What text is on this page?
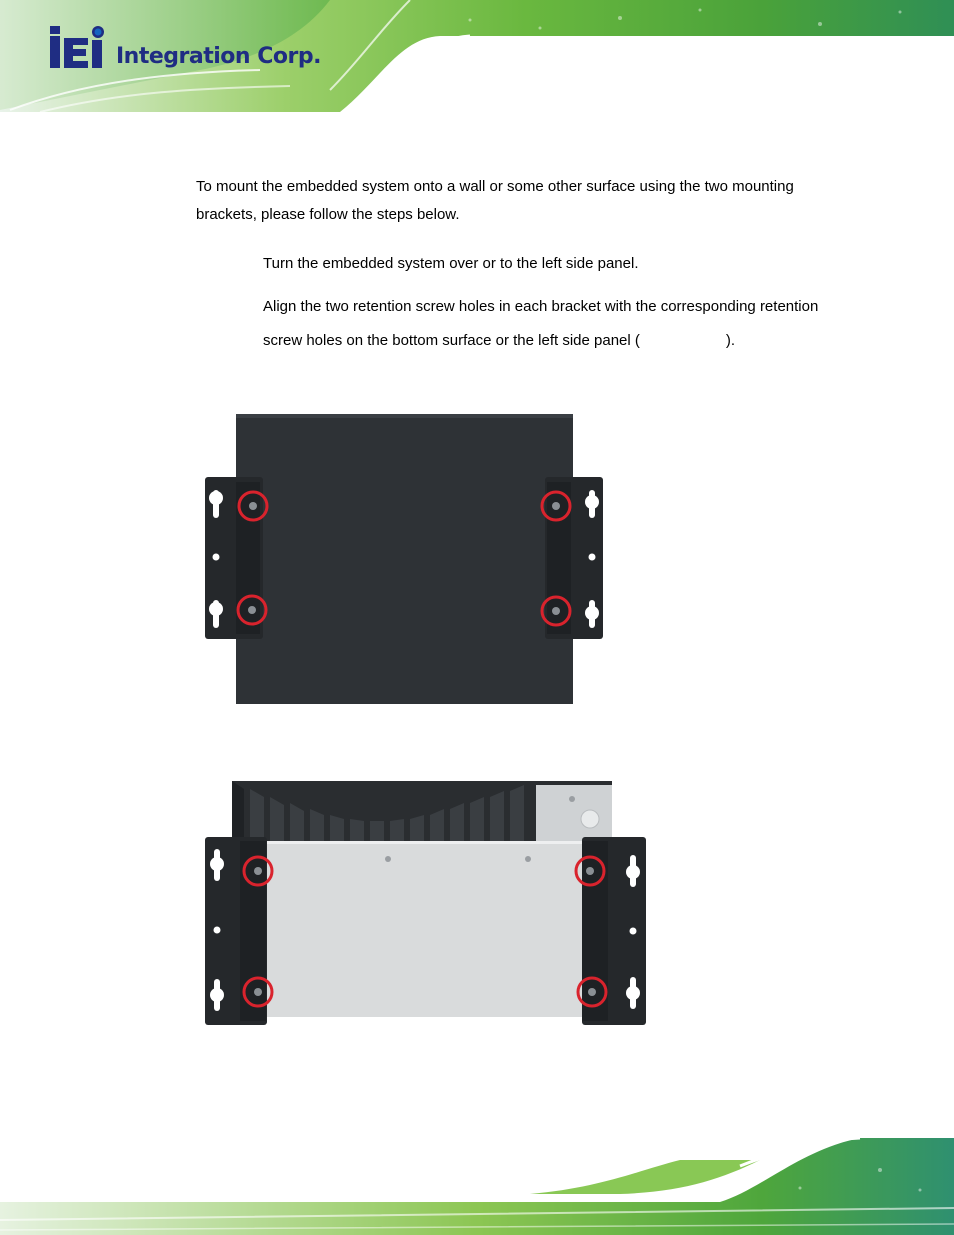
Integration Corp.
To mount the embedded system onto a wall or some other surface using the two mounting brackets, please follow the steps below.
Turn the embedded system over or to the left side panel.
Align the two retention screw holes in each bracket with the corresponding retention screw holes on the bottom surface or the left side panel (	).
